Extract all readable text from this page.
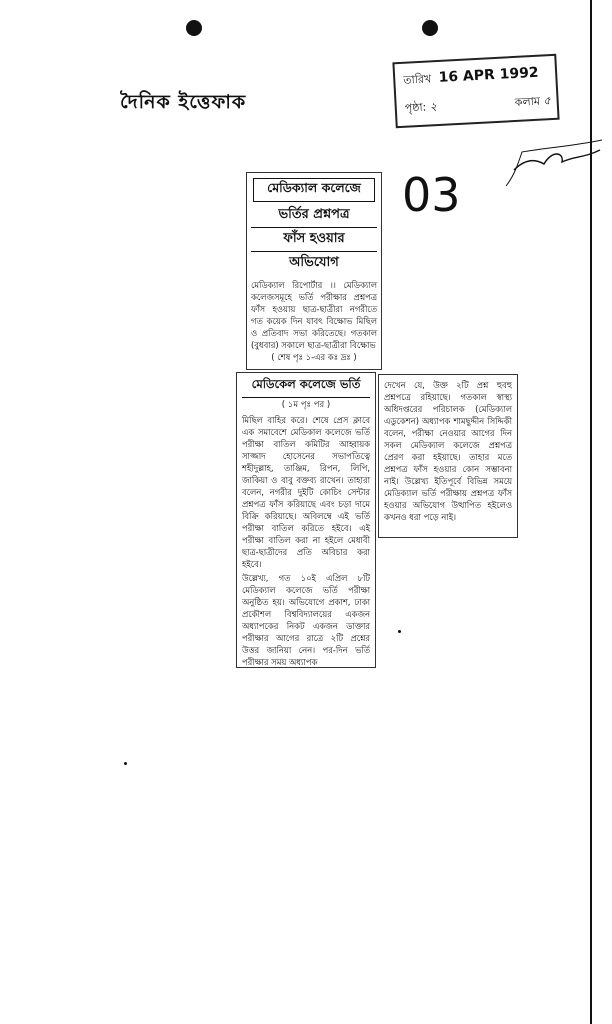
দৈনিক ইত্তেফাক
তারিখ 16 APR 1992
পৃষ্ঠা: ২	কলাম ৫
03
মেডিক্যাল কলেজে
ভর্তির প্রশ্নপত্র
ফাঁস হওয়ার
অভিযোগ
মেডিক্যাল রিপোর্টার ।। মেডিক্যাল কলেজসমূহে ভর্তি পরীক্ষার প্রশ্নপত্র ফাঁস হওয়ায় ছাত্র-ছাত্রীরা নগরীতে গত কয়েক দিন যাবৎ বিক্ষোভ মিছিল ও প্রতিবাদ সভা করিতেছে। গতকাল (বুধবার) সকালে ছাত্র-ছাত্রীরা বিক্ষোভ
( শেষ পৃঃ ১-এর কঃ দ্রঃ )
মেডিকেল কলেজে ভর্তি
( ১ম পৃঃ পর )
মিছিল বাহির করে। শেষে প্রেস ক্লাবে এক সমাবেশে মেডিকাল কলেজে ভর্তি পরীক্ষা বাতিল কমিটির আহ্বায়ক সাজ্জাদ হোসেনের সভাপতিত্বে শহীদুল্লাহ, তাঞ্জিম, রিপন, লিপি, জাকিয়া ও বাবু বক্তব্য রাখেন। তাহারা বলেন, নগরীর দুইটি কোচিং সেন্টার প্রশ্নপত্র ফাঁস করিয়াছে এবং চড়া দামে বিক্রি করিয়াছে। অবিলম্বে এই ভর্তি পরীক্ষা বাতিল করিতে হইবে। এই পরীক্ষা বাতিল করা না হইলে মেধাবী ছাত্র-ছাত্রীদের প্রতি অবিচার করা হইবে।
উল্লেখ্য, গত ১০ই এপ্রিল ৮টি মেডিক্যাল কলেজে ভর্তি পরীক্ষা অনুষ্ঠিত হয়। অভিযোগে প্রকাশ, ঢাকা প্রকৌশল বিশ্ববিদ্যালয়ের একজন অধ্যাপকের নিকট একজন ডাক্তার পরীক্ষার আগের রাত্রে ২টি প্রশ্নের উত্তর জানিয়া নেন। পর-দিন ভর্তি পরীক্ষার সময় অধ্যাপক
দেখেন যে, উক্ত ২টি প্রশ্ন হুবহু প্রশ্নপত্রে রহিয়াছে। গতকাল স্বাস্থ্য অধিদপ্তরের পরিচালক (মেডিক্যাল এডুকেশন) অধ্যাপক শামছুদ্দীন সিদ্দিকী বলেন, পরীক্ষা নেওয়ার আগের দিন সকল মেডিক্যাল কলেজে প্রশ্নপত্র প্রেরণ করা হইয়াছে। তাহার মতে প্রশ্নপত্র ফাঁস হওয়ার কোন সম্ভাবনা নাই। উল্লেখ্য ইতিপূর্বে বিভিন্ন সময়ে মেডিক্যাল ভর্তি পরীক্ষায় প্রশ্নপত্র ফাঁস হওয়ার অভিযোগ উত্থাপিত হইলেও কখনও ধরা পড়ে নাই।
